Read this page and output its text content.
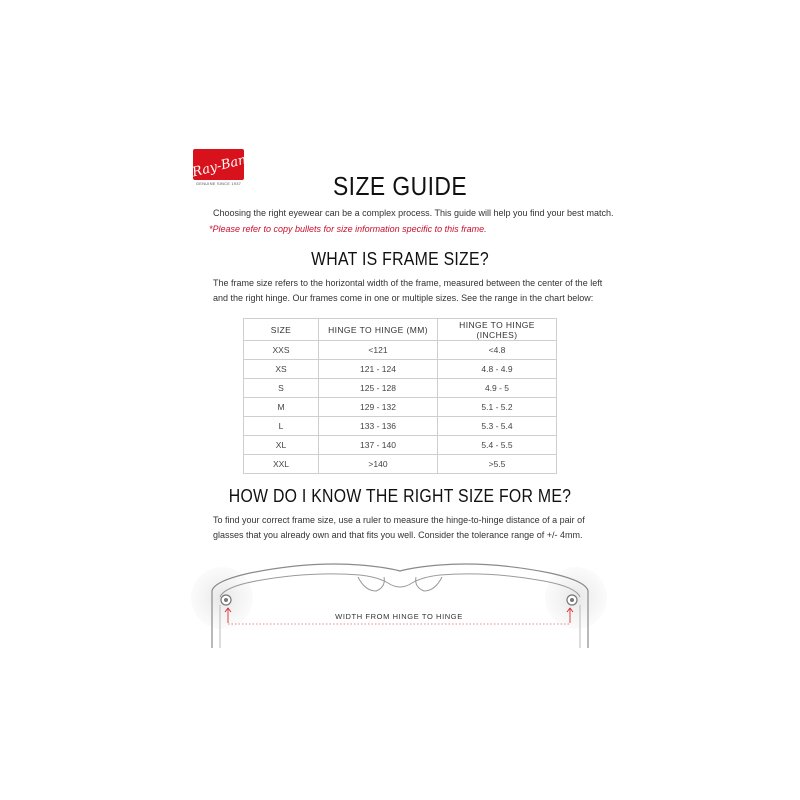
Ray-Ban
GENUINE SINCE 1937	SIZE GUIDE
Choosing the right eyewear can be a complex process. This guide will help you find your best match.
*Please refer to copy bullets for size information specific to this frame.
WHAT IS FRAME SIZE?
The frame size refers to the horizontal width of the frame, measured between the center of the left
and the right hinge. Our frames come in one or multiple sizes. See the range in the chart below:
SIZE	HINGE TO HINGE (MM)	HINGE TO HINGE (INCHES)
XXS	<121	<4.8
XS	121 - 124	4.8 - 4.9
S	125 - 128	4.9 - 5
M	129 - 132	5.1 - 5.2
L	133 - 136	5.3 - 5.4
XL	137 - 140	5.4 - 5.5
XXL	>140	>5.5
HOW DO I KNOW THE RIGHT SIZE FOR ME?
To find your correct frame size, use a ruler to measure the hinge-to-hinge distance of a pair of
glasses that you already own and that fits you well. Consider the tolerance range of +/- 4mm.
WIDTH FROM HINGE TO HINGE
